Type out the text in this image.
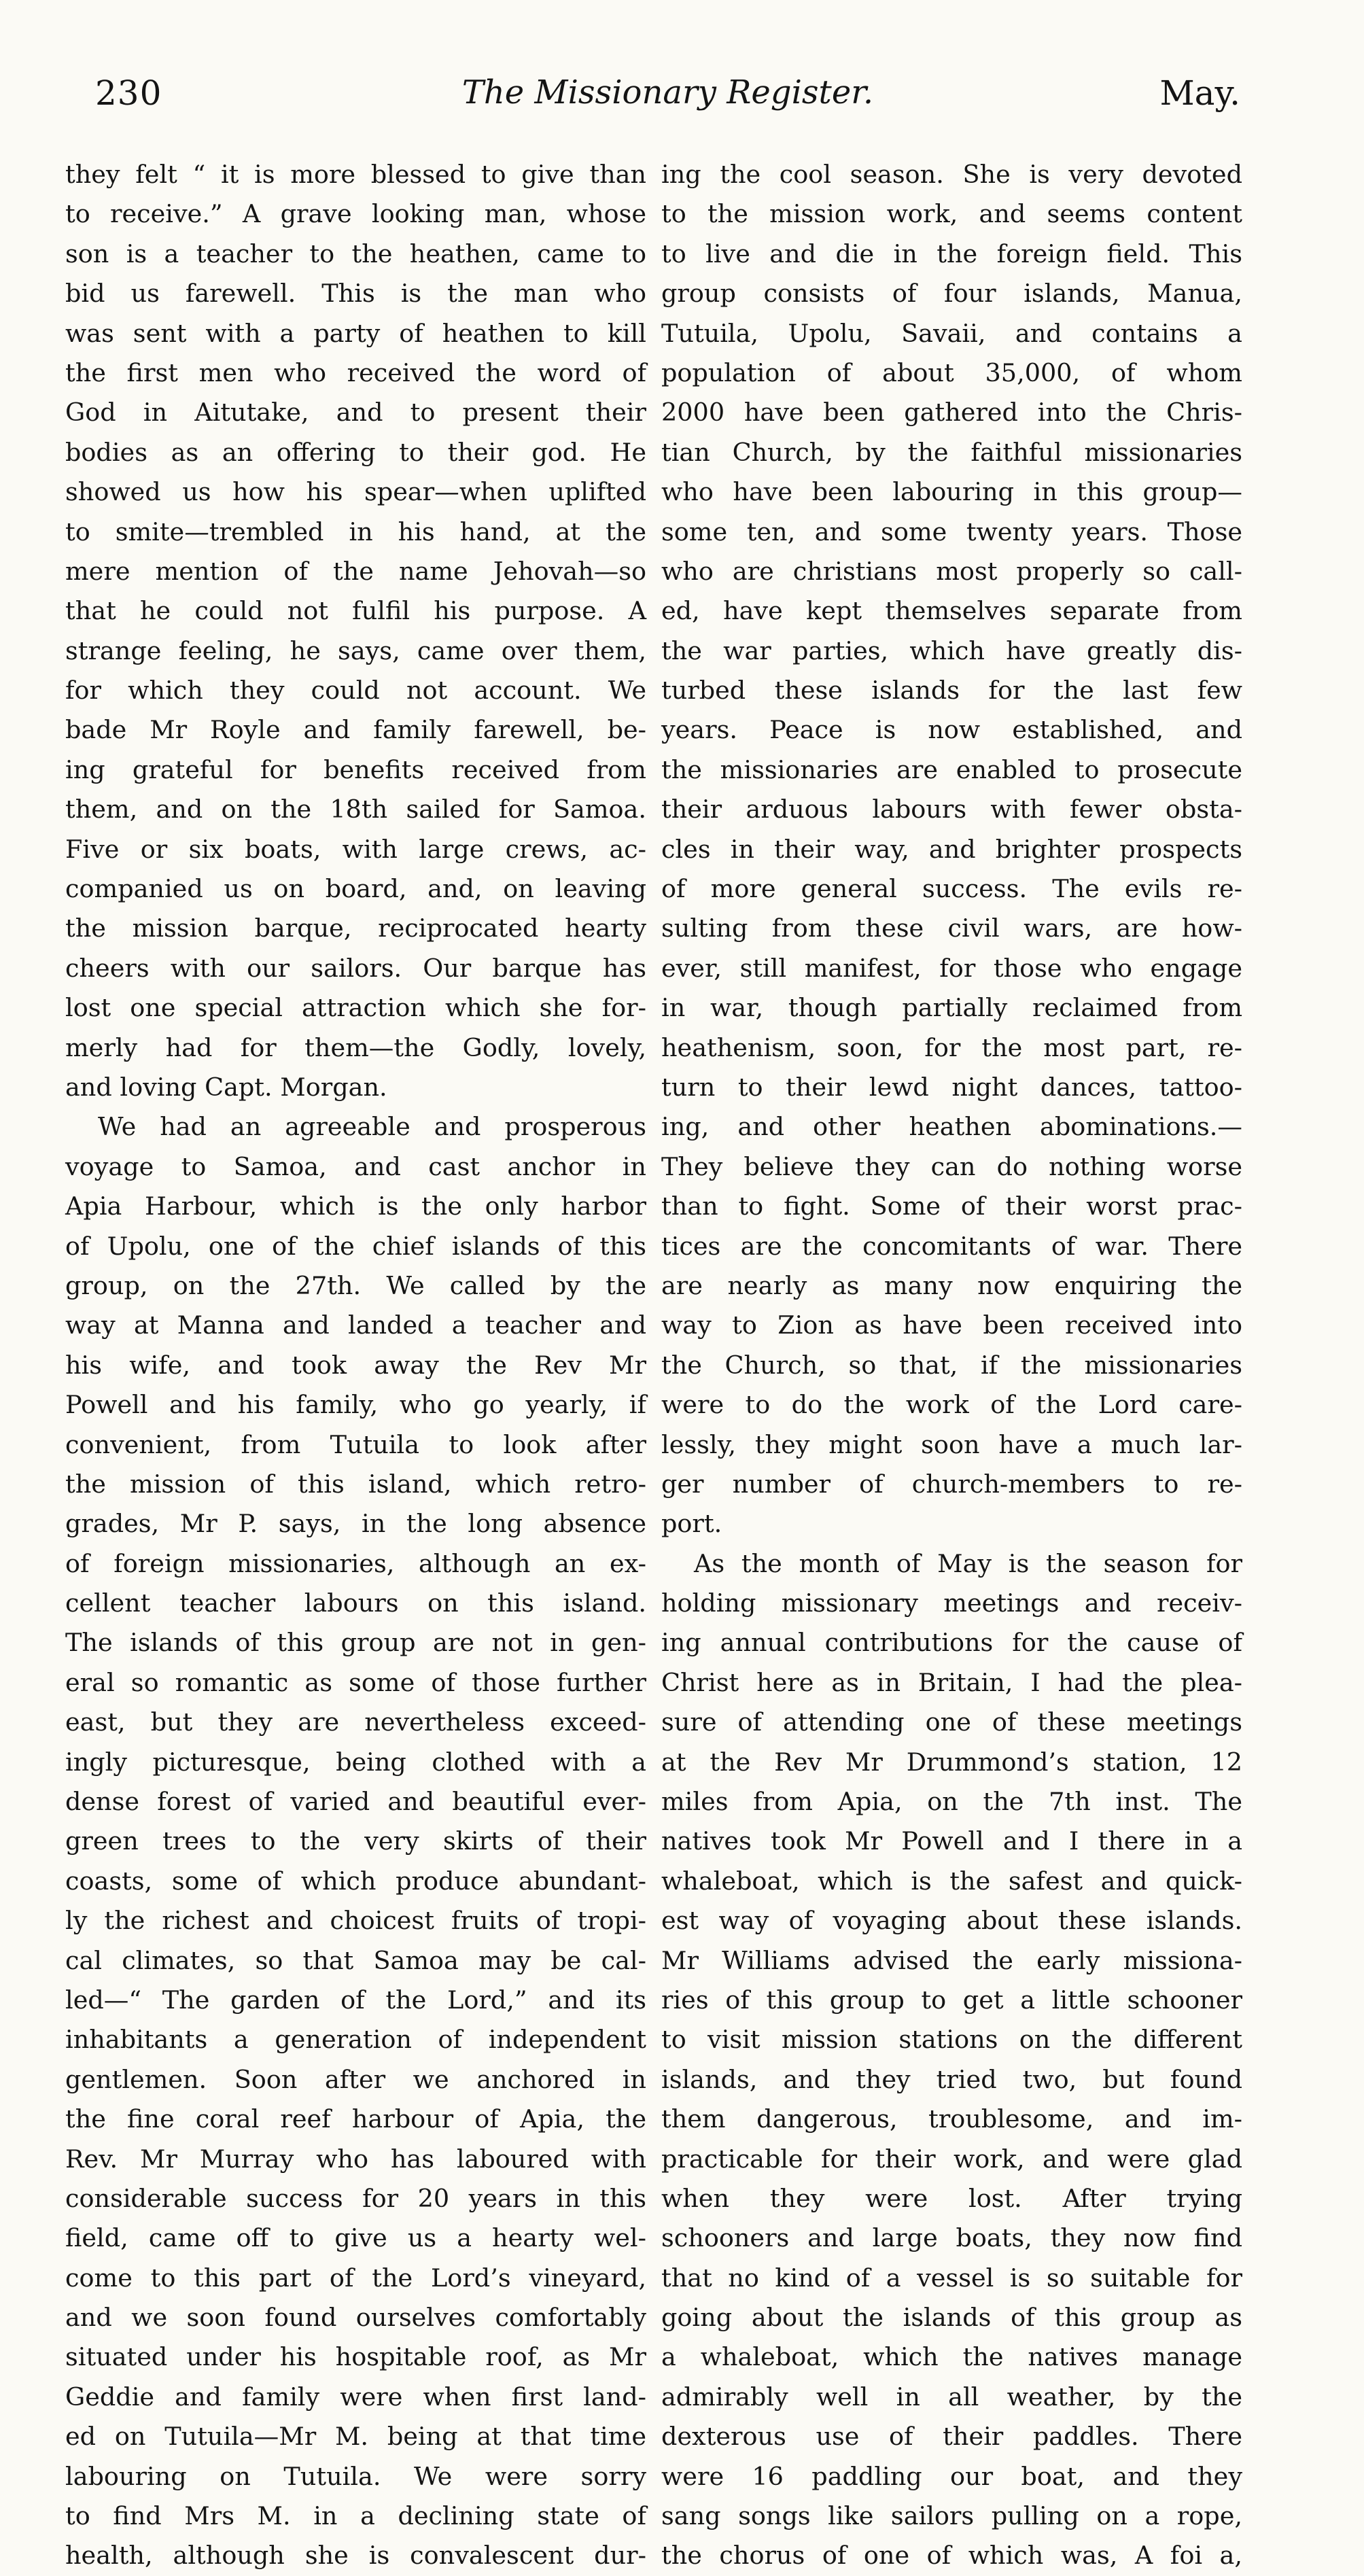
230	The Missionary Register.	May.
they felt “ it is more blessed to give than
to receive.” A grave looking man, whose
son is a teacher to the heathen, came to
bid us farewell. This is the man who
was sent with a party of heathen to kill
the first men who received the word of
God in Aitutake, and to present their
bodies as an offering to their god. He
showed us how his spear—when uplifted
to smite—trembled in his hand, at the
mere mention of the name Jehovah—so
that he could not fulfil his purpose. A
strange feeling, he says, came over them,
for which they could not account. We
bade Mr Royle and family farewell, be-
ing grateful for benefits received from
them, and on the 18th sailed for Samoa.
Five or six boats, with large crews, ac-
companied us on board, and, on leaving
the mission barque, reciprocated hearty
cheers with our sailors. Our barque has
lost one special attraction which she for-
merly had for them—the Godly, lovely,
and loving Capt. Morgan.
We had an agreeable and prosperous
voyage to Samoa, and cast anchor in
Apia Harbour, which is the only harbor
of Upolu, one of the chief islands of this
group, on the 27th. We called by the
way at Manna and landed a teacher and
his wife, and took away the Rev Mr
Powell and his family, who go yearly, if
convenient, from Tutuila to look after
the mission of this island, which retro-
grades, Mr P. says, in the long absence
of foreign missionaries, although an ex-
cellent teacher labours on this island.
The islands of this group are not in gen-
eral so romantic as some of those further
east, but they are nevertheless exceed-
ingly picturesque, being clothed with a
dense forest of varied and beautiful ever-
green trees to the very skirts of their
coasts, some of which produce abundant-
ly the richest and choicest fruits of tropi-
cal climates, so that Samoa may be cal-
led—“ The garden of the Lord,” and its
inhabitants a generation of independent
gentlemen. Soon after we anchored in
the fine coral reef harbour of Apia, the
Rev. Mr Murray who has laboured with
considerable success for 20 years in this
field, came off to give us a hearty wel-
come to this part of the Lord’s vineyard,
and we soon found ourselves comfortably
situated under his hospitable roof, as Mr
Geddie and family were when first land-
ed on Tutuila—Mr M. being at that time
labouring on Tutuila. We were sorry
to find Mrs M. in a declining state of
health, although she is convalescent dur-
ing the cool season. She is very devoted
to the mission work, and seems content
to live and die in the foreign field. This
group consists of four islands, Manua,
Tutuila, Upolu, Savaii, and contains a
population of about 35,000, of whom
2000 have been gathered into the Chris-
tian Church, by the faithful missionaries
who have been labouring in this group—
some ten, and some twenty years. Those
who are christians most properly so call-
ed, have kept themselves separate from
the war parties, which have greatly dis-
turbed these islands for the last few
years. Peace is now established, and
the missionaries are enabled to prosecute
their arduous labours with fewer obsta-
cles in their way, and brighter prospects
of more general success. The evils re-
sulting from these civil wars, are how-
ever, still manifest, for those who engage
in war, though partially reclaimed from
heathenism, soon, for the most part, re-
turn to their lewd night dances, tattoo-
ing, and other heathen abominations.—
They believe they can do nothing worse
than to fight. Some of their worst prac-
tices are the concomitants of war. There
are nearly as many now enquiring the
way to Zion as have been received into
the Church, so that, if the missionaries
were to do the work of the Lord care-
lessly, they might soon have a much lar-
ger number of church-members to re-
port.
As the month of May is the season for
holding missionary meetings and receiv-
ing annual contributions for the cause of
Christ here as in Britain, I had the plea-
sure of attending one of these meetings
at the Rev Mr Drummond’s station, 12
miles from Apia, on the 7th inst. The
natives took Mr Powell and I there in a
whaleboat, which is the safest and quick-
est way of voyaging about these islands.
Mr Williams advised the early missiona-
ries of this group to get a little schooner
to visit mission stations on the different
islands, and they tried two, but found
them dangerous, troublesome, and im-
practicable for their work, and were glad
when they were lost. After trying
schooners and large boats, they now find
that no kind of a vessel is so suitable for
going about the islands of this group as
a whaleboat, which the natives manage
admirably well in all weather, by the
dexterous use of their paddles. There
were 16 paddling our boat, and they
sang songs like sailors pulling on a rope,
the chorus of one of which was, A foi a,
